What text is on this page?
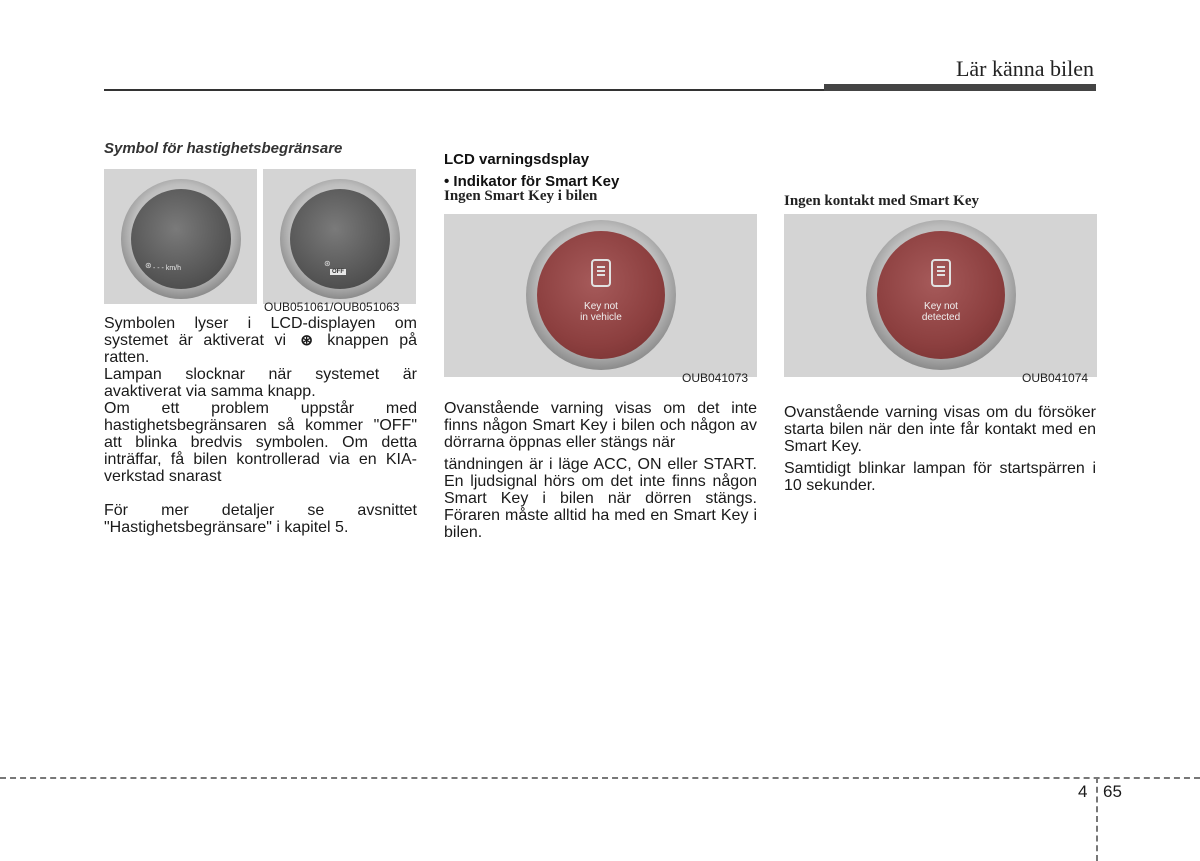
Lär känna bilen
Symbol för hastighetsbegränsare
⊛ - - - km/h
⊛
OFF
OUB051061/OUB051063

Symbolen lyser i LCD-displayen om systemet är aktiverat vi ⊛ knappen på ratten.

Lampan slocknar när systemet är avaktiverat via samma knapp.

Om ett problem uppstår med hastighetsbegränsaren så kommer "OFF" att blinka bredvis symbolen. Om detta inträffar, få bilen kontrollerad via en KIA-verkstad snarast

För mer detaljer se avsnittet "Hastighetsbegränsare" i kapitel 5.

LCD varningsdsplay
• Indikator för Smart Key
Ingen Smart Key i bilen
Key not
in vehicle
OUB041073

Ovanstående varning visas om det inte finns någon Smart Key i bilen och någon av dörrarna öppnas eller stängs när

tändningen är i läge ACC, ON eller START. En ljudsignal hörs om det inte finns någon Smart Key i bilen när dörren stängs. Föraren måste alltid ha med en Smart Key i bilen.

Ingen kontakt med Smart Key
Key not
detected
OUB041074

Ovanstående varning visas om du försöker starta bilen när den inte får kontakt med en Smart Key.

Samtidigt blinkar lampan för startspärren i 10 sekunder.

4 65
